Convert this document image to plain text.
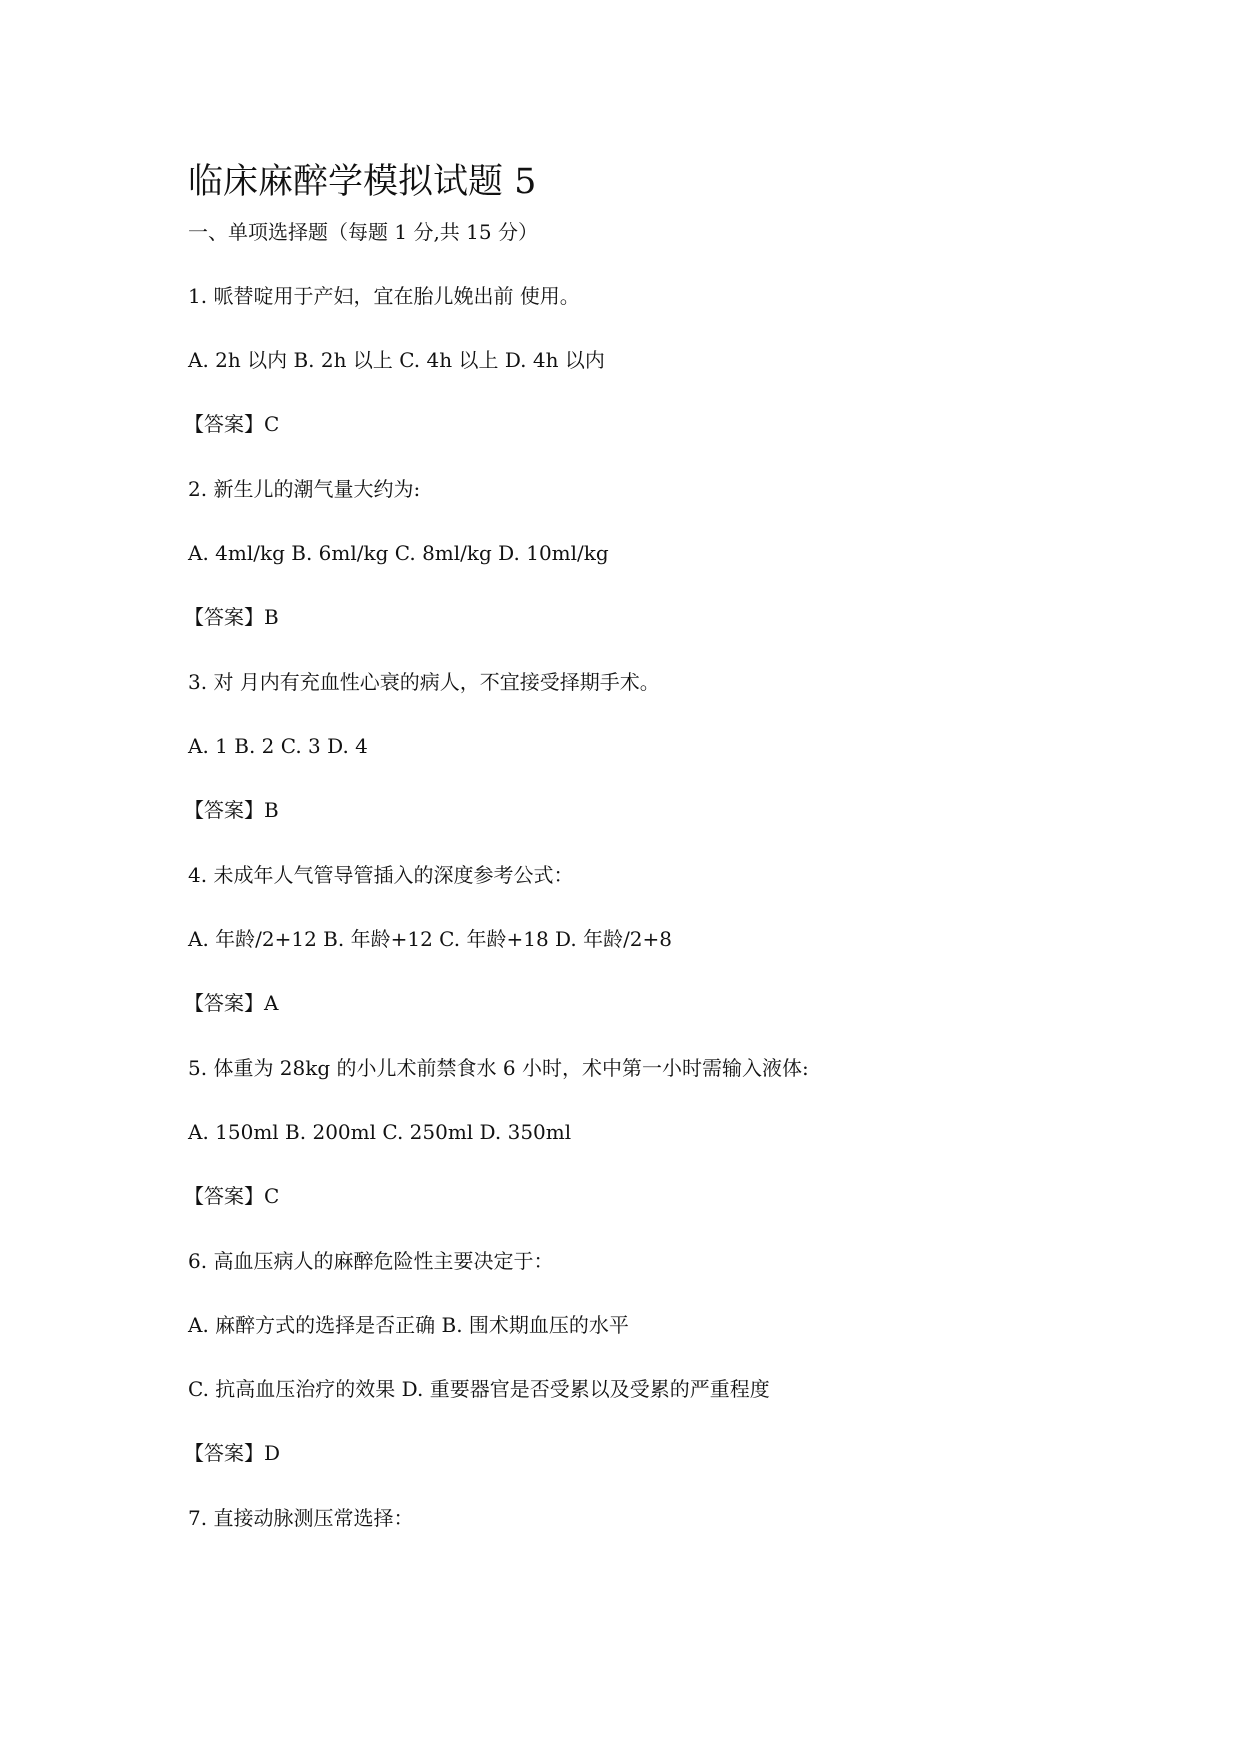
临床麻醉学模拟试题 5
一、单项选择题（每题 1 分,共 15 分）
1. 哌替啶用于产妇，宜在胎儿娩出前 使用。
A. 2h 以内 B. 2h 以上 C. 4h 以上 D. 4h 以内
【答案】C
2. 新生儿的潮气量大约为:
A. 4ml/kg B. 6ml/kg C. 8ml/kg D. 10ml/kg
【答案】B
3. 对 月内有充血性心衰的病人，不宜接受择期手术。
A. 1 B. 2 C. 3 D. 4
【答案】B
4. 未成年人气管导管插入的深度参考公式：
A. 年龄/2+12 B. 年龄+12 C. 年龄+18 D. 年龄/2+8
【答案】A
5. 体重为 28kg 的小儿术前禁食水 6 小时，术中第一小时需输入液体:
A. 150ml B. 200ml C. 250ml D. 350ml
【答案】C
6. 高血压病人的麻醉危险性主要决定于：
A. 麻醉方式的选择是否正确 B. 围术期血压的水平
C. 抗高血压治疗的效果 D. 重要器官是否受累以及受累的严重程度
【答案】D
7. 直接动脉测压常选择：
